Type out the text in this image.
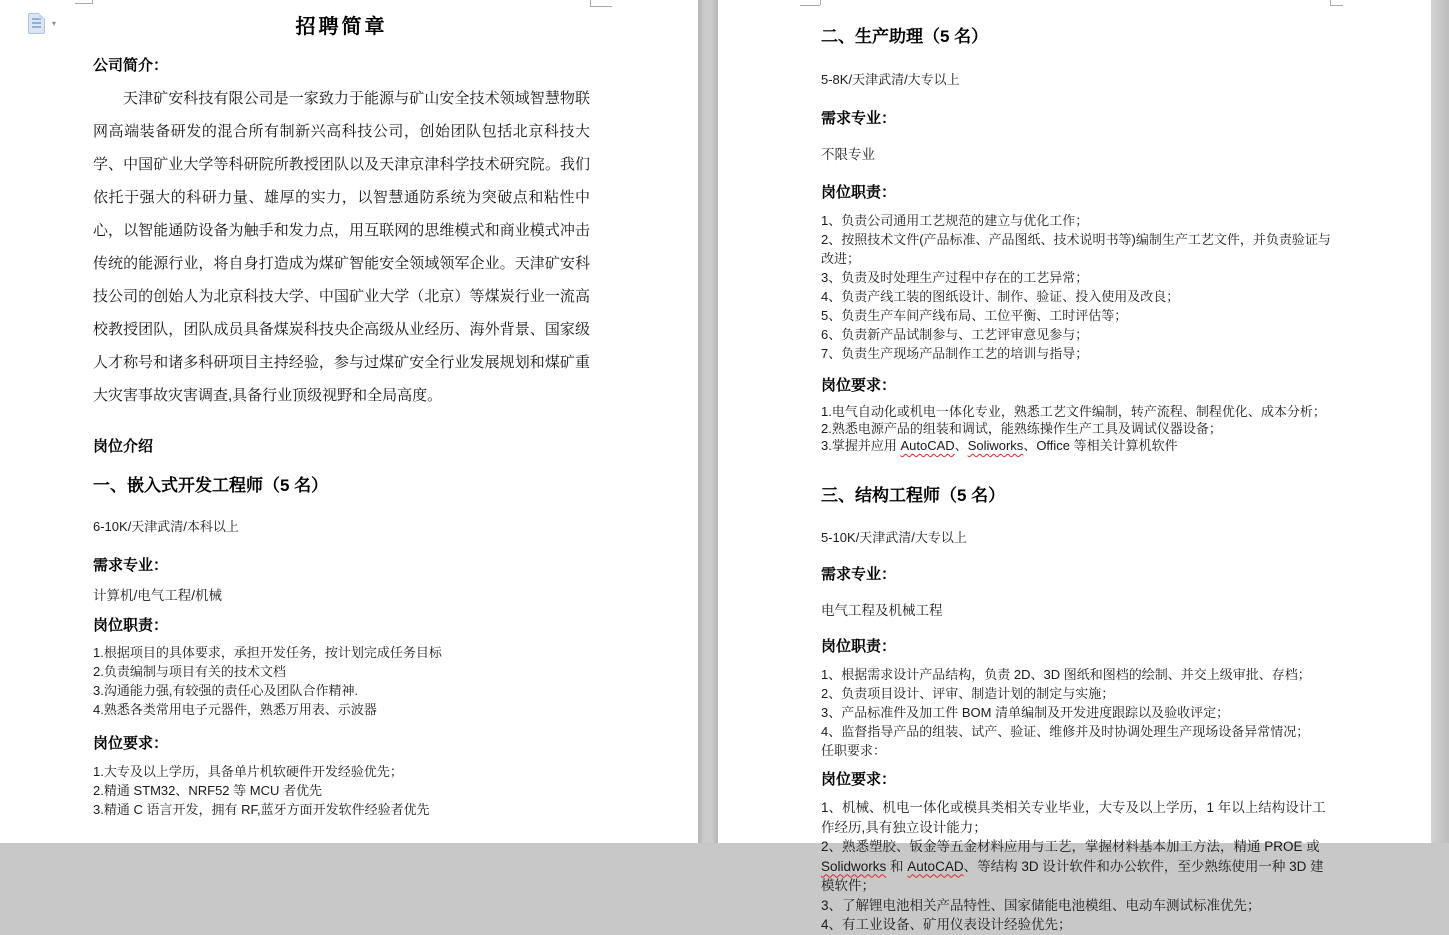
▾	招聘简章
公司简介：

天津矿安科技有限公司是一家致力于能源与矿山安全技术领域智慧物联网高端装备研发的混合所有制新兴高科技公司，创始团队包括北京科技大学、中国矿业大学等科研院所教授团队以及天津京津科学技术研究院。我们依托于强大的科研力量、雄厚的实力，以智慧通防系统为突破点和粘性中心，以智能通防设备为触手和发力点，用互联网的思维模式和商业模式冲击传统的能源行业，将自身打造成为煤矿智能安全领域领军企业。天津矿安科技公司的创始人为北京科技大学、中国矿业大学（北京）等煤炭行业一流高校教授团队，团队成员具备煤炭科技央企高级从业经历、海外背景、国家级人才称号和诸多科研项目主持经验，参与过煤矿安全行业发展规划和煤矿重大灾害事故灾害调查,具备行业顶级视野和全局高度。

岗位介绍
一、嵌入式开发工程师（5 名）
6-10K/天津武清/本科以上
需求专业：
计算机/电气工程/机械
岗位职责：
1.根据项目的具体要求，承担开发任务，按计划完成任务目标
2.负责编制与项目有关的技术文档
3.沟通能力强,有较强的责任心及团队合作精神.
4.熟悉各类常用电子元器件，熟悉万用表、示波器
岗位要求：
1.大专及以上学历，具备单片机软硬件开发经验优先；
2.精通 STM32、NRF52 等 MCU 者优先
3.精通 C 语言开发，拥有 RF,蓝牙方面开发软件经验者优先
二、生产助理（5 名）
5-8K/天津武清/大专以上
需求专业：
不限专业
岗位职责：
1、负责公司通用工艺规范的建立与优化工作；
2、按照技术文件(产品标准、产品图纸、技术说明书等)编制生产工艺文件，并负责验证与改进；
3、负责及时处理生产过程中存在的工艺异常；
4、负责产线工装的图纸设计、制作、验证、投入使用及改良；
5、负责生产车间产线布局、工位平衡、工时评估等；
6、负责新产品试制参与、工艺评审意见参与；
7、负责生产现场产品制作工艺的培训与指导；
岗位要求：
1.电气自动化或机电一体化专业，熟悉工艺文件编制，转产流程、制程优化、成本分析；
2.熟悉电源产品的组装和调试，能熟练操作生产工具及调试仪器设备；
3.掌握并应用 AutoCAD、Soliworks、Office 等相关计算机软件
三、结构工程师（5 名）
5-10K/天津武清/大专以上
需求专业：
电气工程及机械工程
岗位职责：
1、根据需求设计产品结构，负责 2D、3D 图纸和图档的绘制、并交上级审批、存档；
2、负责项目设计、评审、制造计划的制定与实施；
3、产品标准件及加工件 BOM 清单编制及开发进度跟踪以及验收评定；
4、监督指导产品的组装、试产、验证、维修并及时协调处理生产现场设备异常情况；
任职要求：
岗位要求：
1、机械、机电一体化或模具类相关专业毕业，大专及以上学历，1 年以上结构设计工作经历,具有独立设计能力；
2、熟悉塑胶、钣金等五金材料应用与工艺，掌握材料基本加工方法，精通 PROE 或 Solidworks 和 AutoCAD、等结构 3D 设计软件和办公软件，至少熟练使用一种 3D 建模软件；
3、了解锂电池相关产品特性、国家储能电池模组、电动车测试标准优先；
4、有工业设备、矿用仪表设计经验优先；
